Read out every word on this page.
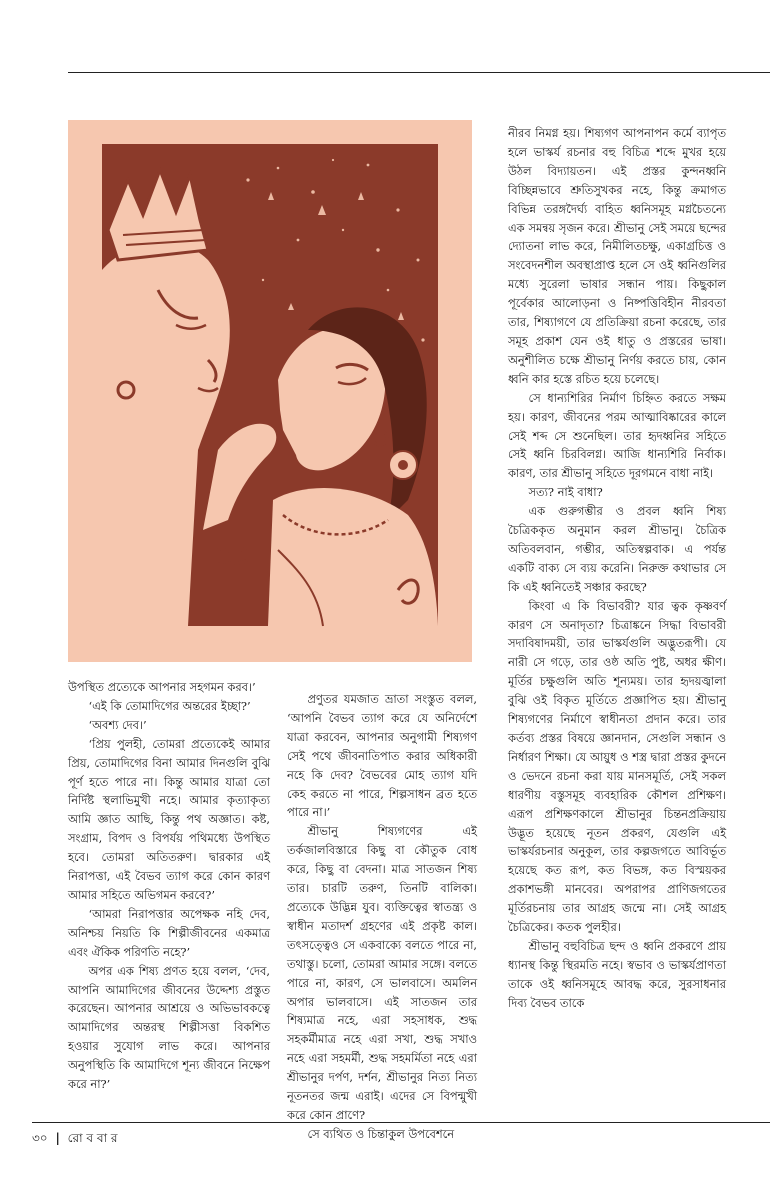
উপস্থিত প্রত্যেকে আপনার সহগমন করব।’

‘এই কি তোমাদিগের অন্তরের ইচ্ছা?’

‘অবশ্য দেব।’

‘প্রিয় পুলহী, তোমরা প্রত্যেকেই আমার প্রিয়, তোমাদিগের বিনা আমার দিনগুলি বুঝি পূর্ণ হতে পারে না। কিন্তু আমার যাত্রা তো নির্দিষ্ট স্থলাভিমুখী নহে। আমার কৃত্যাকৃত্য আমি জ্ঞাত আছি, কিন্তু পথ অজ্ঞাত। কষ্ট, সংগ্রাম, বিপদ ও বিপর্যয় পথিমধ্যে উপস্থিত হবে। তোমরা অতিতরুণ। দ্বারকার এই নিরাপত্তা, এই বৈভব ত্যাগ করে কোন কারণ আমার সহিতে অভিগমন করবে?’

‘আমরা নিরাপত্তার অপেক্ষক নহি দেব, অনিশ্চয় নিয়তি কি শিল্পীজীবনের একমাত্র এবং ঐকিক পরিণতি নহে?’

অপর এক শিষ্য প্রণত হয়ে বলল, ‘দেব, আপনি আমাদিগের জীবনের উদ্দেশ্য প্রস্তুত করেছেন। আপনার আশ্রয়ে ও অভিভাবকত্বে আমাদিগের অন্তরস্থ শিল্পীসত্তা বিকশিত হওয়ার সুযোগ লাভ করে। আপনার অনুপস্থিতি কি আমাদিগে শূন্য জীবনে নিক্ষেপ করে না?’

প্রণুতর যমজাত ভ্রাতা সংস্তুত বলল, ‘আপনি বৈভব ত্যাগ করে যে অনির্দেশে যাত্রা করবেন, আপনার অনুগামী শিষ্যগণ সেই পথে জীবনাতিপাত করার অধিকারী নহে কি দেব? বৈভবের মোহ ত্যাগ যদি কেহ করতে না পারে, শিল্পসাধন ব্রত হতে পারে না।’

শ্রীভানু শিষ্যগণের এই তর্কজালবিস্তারে কিছু বা কৌতুক বোধ করে, কিছু বা বেদনা। মাত্র সাতজন শিষ্য তার। চারটি তরুণ, তিনটি বালিকা। প্রত্যেকে উদ্ভিন্ন যুব। ব্যক্তিত্বের স্বাতন্ত্র্য ও স্বাধীন মতাদর্শ গ্রহণের এই প্রকৃষ্ট কাল। তৎসত্ত্বেও সে একবাক্যে বলতে পারে না, তথাস্তু। চলো, তোমরা আমার সঙ্গে। বলতে পারে না, কারণ, সে ভালবাসে। অমলিন অপার ভালবাসে। এই সাতজন তার শিষ্যমাত্র নহে, এরা সহসাধক, শুদ্ধ সহকর্মীমাত্র নহে এরা সখা, শুদ্ধ সখাও নহে এরা সহমর্মী, শুদ্ধ সহমর্মিতা নহে এরা শ্রীভানুর দর্পণ, দর্শন, শ্রীভানুর নিত্য নিত্য নূতনতর জন্ম এরাই। এদের সে বিপন্মুখী করে কোন প্রাণে?

সে ব্যথিত ও চিন্তাকুল উপবেশনে

নীরব নিমগ্ন হয়। শিষ্যগণ আপনাপন কর্মে ব্যাপৃত হলে ভাস্কর্য রচনার বহু বিচিত্র শব্দে মুখর হয়ে উঠল বিদ্যায়তন। এই প্রস্তর কুন্দনধ্বনি বিচ্ছিন্নভাবে শ্রুতিসুখকর নহে, কিন্তু ক্রমাগত বিভিন্ন তরঙ্গদৈর্ঘ্য বাহিত ধ্বনিসমূহ মগ্নচৈতন্যে এক সমন্বয় সৃজন করে। শ্রীভানু সেই সময়ে ছন্দের দ্যোতনা লাভ করে, নিমীলিতচক্ষু, একাগ্রচিত্ত ও সংবেদনশীল অবস্থাপ্রাপ্ত হলে সে ওই ধ্বনিগুলির মধ্যে সুরেলা ভাষার সন্ধান পায়। কিছুকাল পূর্বেকার আলোড়না ও নিষ্পত্তিবিহীন নীরবতা তার, শিষ্যাগণে যে প্রতিক্রিয়া রচনা করেছে, তার সমূহ প্রকাশ যেন ওই ধাতু ও প্রস্তরের ভাষা। অনুশীলিত চক্ষে শ্রীভানু নির্ণয় করতে চায়, কোন ধ্বনি কার হস্তে রচিত হয়ে চলেছে।

সে ধান্যশিরির নির্মাণ চিহ্নিত করতে সক্ষম হয়। কারণ, জীবনের পরম আত্মাবিষ্কারের কালে সেই শব্দ সে শুনেছিল। তার হৃদধ্বনির সহিতে সেই ধ্বনি চিরবিলগ্ন। আজি ধান্যশিরি নির্বাক। কারণ, তার শ্রীভানু সহিতে দূরগমনে বাধা নাই।

সত্য? নাই বাধা?

এক গুরুগম্ভীর ও প্রবল ধ্বনি শিষ্য চৈত্রিককৃত অনুমান করল শ্রীভানু। চৈত্রিক অতিবলবান, গম্ভীর, অতিস্বল্পবাক। এ পর্যন্ত একটি বাক্য সে ব্যয় করেনি। নিরুক্ত কথাভার সে কি এই ধ্বনিতেই সঞ্চার করছে?

কিংবা এ কি বিভাবরী? যার ত্বক কৃষ্ণবর্ণ কারণ সে অনাদৃতা? চিত্রাঙ্কনে সিদ্ধা বিভাবরী সদাবিষাদময়ী, তার ভাস্কর্যগুলি অদ্ভুতরূপী। যে নারী সে গড়ে, তার ওষ্ঠ অতি পুষ্ট, অধর ক্ষীণ। মূর্তির চক্ষুগুলি অতি শূন্যময়। তার হৃদয়জ্বালা বুঝি ওই বিকৃত মূর্তিতে প্রজ্ঞাপিত হয়। শ্রীভানু শিষ্যগণের নির্মাণে স্বাধীনতা প্রদান করে। তার কর্তব্য প্রস্তর বিষয়ে জ্ঞানদান, সেগুলি সন্ধান ও নির্ধারণ শিক্ষা। যে আয়ুধ ও শস্ত্র দ্বারা প্রস্তর কুদনে ও ভেদনে রচনা করা যায় মানসমূর্তি, সেই সকল ধারণীয় বস্তুসমূহ ব্যবহারিক কৌশল প্রশিক্ষণ। এরূপ প্রশিক্ষণকালে শ্রীভানুর চিন্তনপ্রক্রিয়ায় উদ্ভূত হয়েছে নূতন প্রকরণ, যেগুলি এই ভাস্কর্যরচনার অনুকূল, তার কল্পজগতে আবির্ভূত হয়েছে কত রূপ, কত বিভঙ্গ, কত বিস্ময়কর প্রকাশভঙ্গী মানবের। অপরাপর প্রাণিজগতের মূর্তিরচনায় তার আগ্রহ জন্মে না। সেই আগ্রহ চৈত্রিকের। কতক পুলহীর।

শ্রীভানু বহুবিচিত্র ছন্দ ও ধ্বনি প্রকরণে প্রায় ধ্যানস্থ কিন্তু স্থিরমতি নহে। স্বভাব ও ভাস্কর্যপ্রাণতা তাকে ওই ধ্বনিসমূহে আবদ্ধ করে, সুরসাধনার দিব্য বৈভব তাকে

৩০ | রো ব বা র
